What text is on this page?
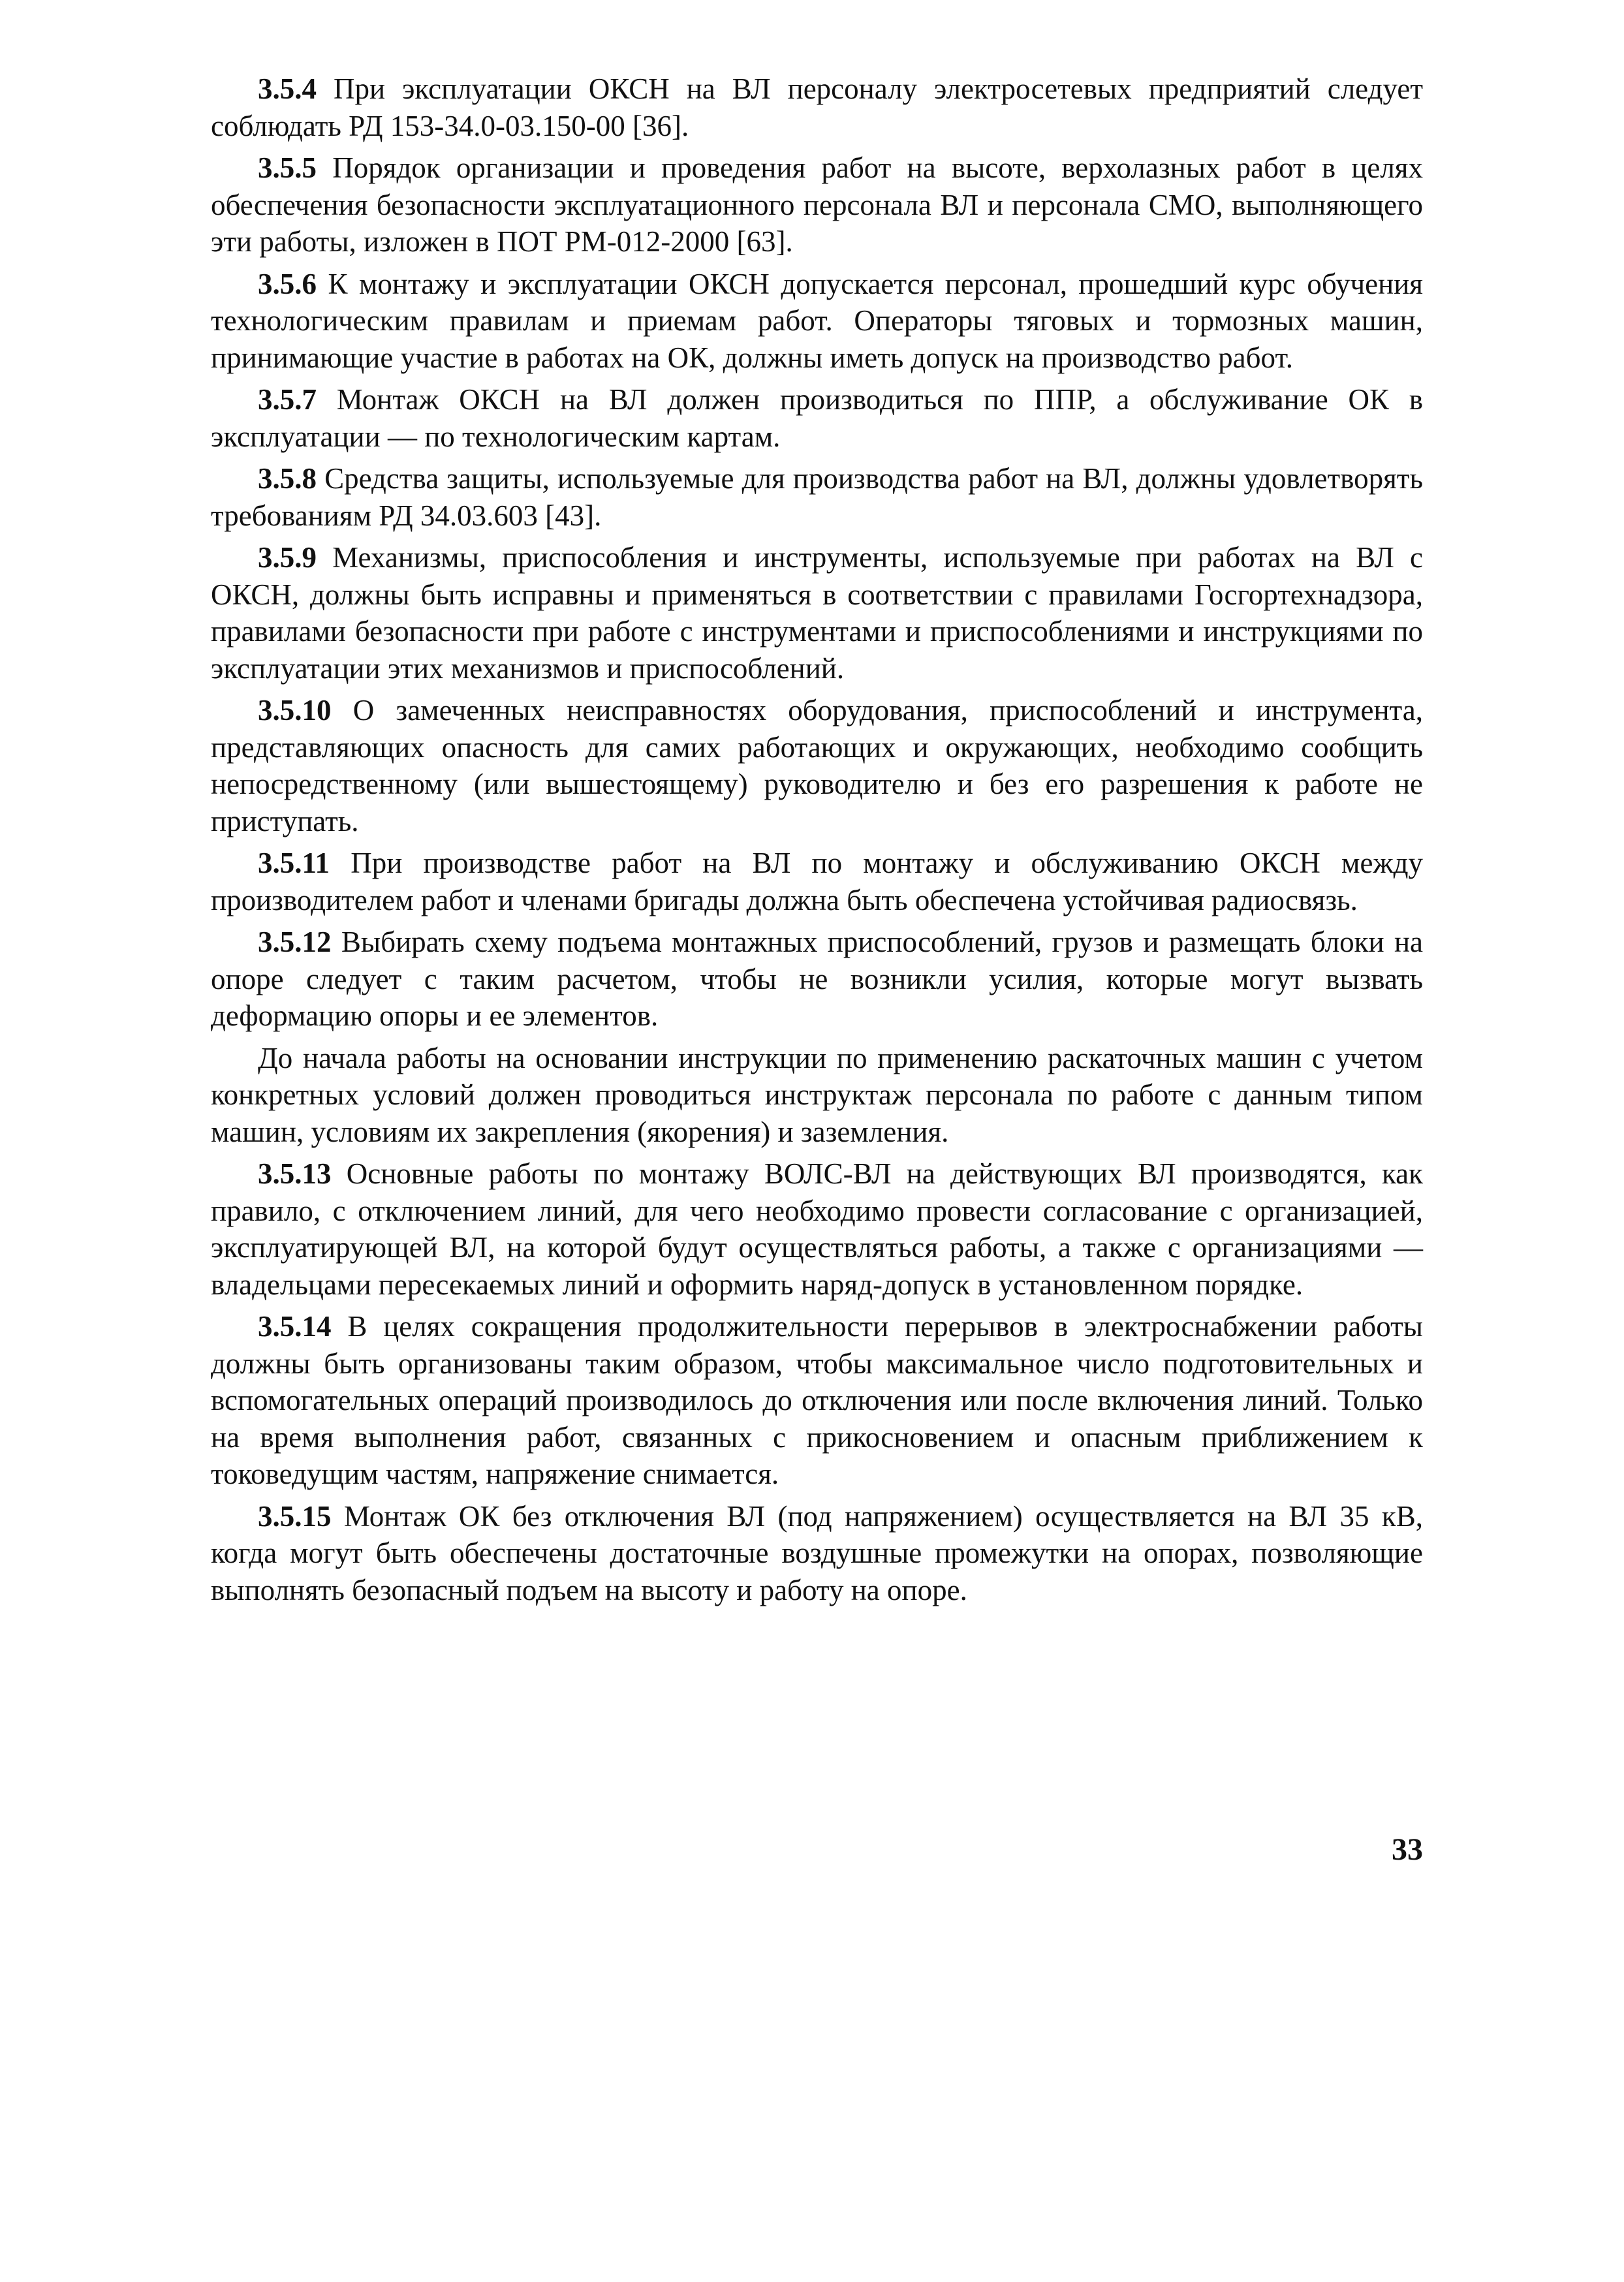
3.5.4 При эксплуатации ОКСН на ВЛ персоналу электросетевых предприятий следует соблюдать РД 153-34.0-03.150-00 [36].

3.5.5 Порядок организации и проведения работ на высоте, верхолазных работ в целях обеспечения безопасности эксплуатационного персонала ВЛ и персонала СМО, выполняющего эти работы, изложен в ПОТ РМ-012-2000 [63].

3.5.6 К монтажу и эксплуатации ОКСН допускается персонал, прошедший курс обучения технологическим правилам и приемам работ. Операторы тяговых и тормозных машин, принимающие участие в работах на ОК, должны иметь допуск на производство работ.

3.5.7 Монтаж ОКСН на ВЛ должен производиться по ППР, а обслуживание ОК в эксплуатации — по технологическим картам.

3.5.8 Средства защиты, используемые для производства работ на ВЛ, должны удовлетворять требованиям РД 34.03.603 [43].

3.5.9 Механизмы, приспособления и инструменты, используемые при работах на ВЛ с ОКСН, должны быть исправны и применяться в соответствии с правилами Госгортехнадзора, правилами безопасности при работе с инструментами и приспособлениями и инструкциями по эксплуатации этих механизмов и приспособлений.

3.5.10 О замеченных неисправностях оборудования, приспособлений и инструмента, представляющих опасность для самих работающих и окружающих, необходимо сообщить непосредственному (или вышестоящему) руководителю и без его разрешения к работе не приступать.

3.5.11 При производстве работ на ВЛ по монтажу и обслуживанию ОКСН между производителем работ и членами бригады должна быть обеспечена устойчивая радиосвязь.

3.5.12 Выбирать схему подъема монтажных приспособлений, грузов и размещать блоки на опоре следует с таким расчетом, чтобы не возникли усилия, которые могут вызвать деформацию опоры и ее элементов.

До начала работы на основании инструкции по применению раскаточных машин с учетом конкретных условий должен проводиться инструктаж персонала по работе с данным типом машин, условиям их закрепления (якорения) и заземления.

3.5.13 Основные работы по монтажу ВОЛС-ВЛ на действующих ВЛ производятся, как правило, с отключением линий, для чего необходимо провести согласование с организацией, эксплуатирующей ВЛ, на которой будут осуществляться работы, а также с организациями — владельцами пересекаемых линий и оформить наряд-допуск в установленном порядке.

3.5.14 В целях сокращения продолжительности перерывов в электроснабжении работы должны быть организованы таким образом, чтобы максимальное число подготовительных и вспомогательных операций производилось до отключения или после включения линий. Только на время выполнения работ, связанных с прикосновением и опасным приближением к токоведущим частям, напряжение снимается.

3.5.15 Монтаж ОК без отключения ВЛ (под напряжением) осуществляется на ВЛ 35 кВ, когда могут быть обеспечены достаточные воздушные промежутки на опорах, позволяющие выполнять безопасный подъем на высоту и работу на опоре.

33
